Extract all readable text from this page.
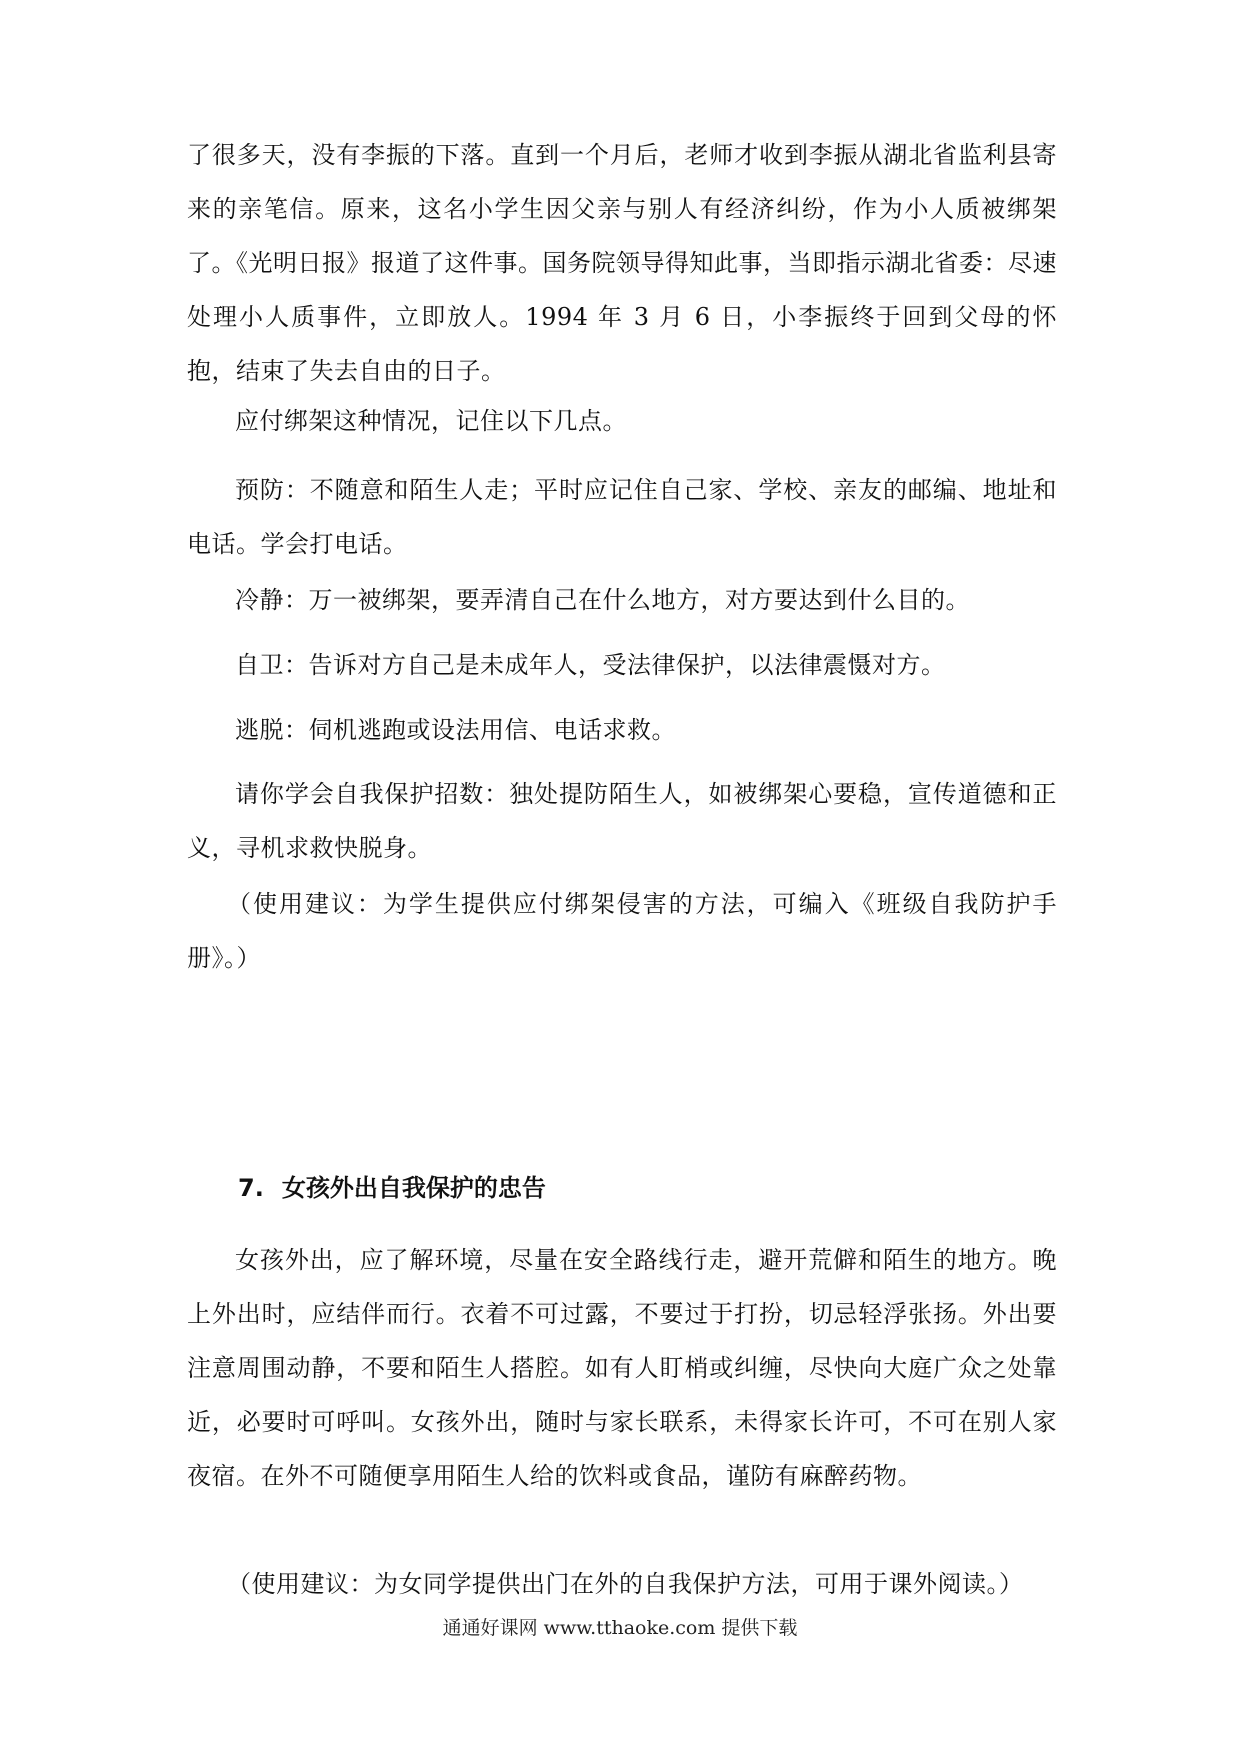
了很多天，没有李振的下落。直到一个月后，老师才收到李振从湖北省监利县寄来的亲笔信。原来，这名小学生因父亲与别人有经济纠纷，作为小人质被绑架了。《光明日报》报道了这件事。国务院领导得知此事，当即指示湖北省委：尽速处理小人质事件，立即放人。1994 年 3 月 6 日，小李振终于回到父母的怀抱，结束了失去自由的日子。

应付绑架这种情况，记住以下几点。

预防：不随意和陌生人走；平时应记住自己家、学校、亲友的邮编、地址和电话。学会打电话。

冷静：万一被绑架，要弄清自己在什么地方，对方要达到什么目的。

自卫：告诉对方自己是未成年人，受法律保护，以法律震慑对方。

逃脱：伺机逃跑或设法用信、电话求救。

请你学会自我保护招数：独处提防陌生人，如被绑架心要稳，宣传道德和正义，寻机求救快脱身。

（使用建议：为学生提供应付绑架侵害的方法，可编入《班级自我防护手册》。）

7. 女孩外出自我保护的忠告

女孩外出，应了解环境，尽量在安全路线行走，避开荒僻和陌生的地方。晚上外出时，应结伴而行。衣着不可过露，不要过于打扮，切忌轻浮张扬。外出要注意周围动静，不要和陌生人搭腔。如有人盯梢或纠缠，尽快向大庭广众之处靠近，必要时可呼叫。女孩外出，随时与家长联系，未得家长许可，不可在别人家夜宿。在外不可随便享用陌生人给的饮料或食品，谨防有麻醉药物。

（使用建议：为女同学提供出门在外的自我保护方法，可用于课外阅读。）

通通好课网 www.tthaoke.com 提供下载
